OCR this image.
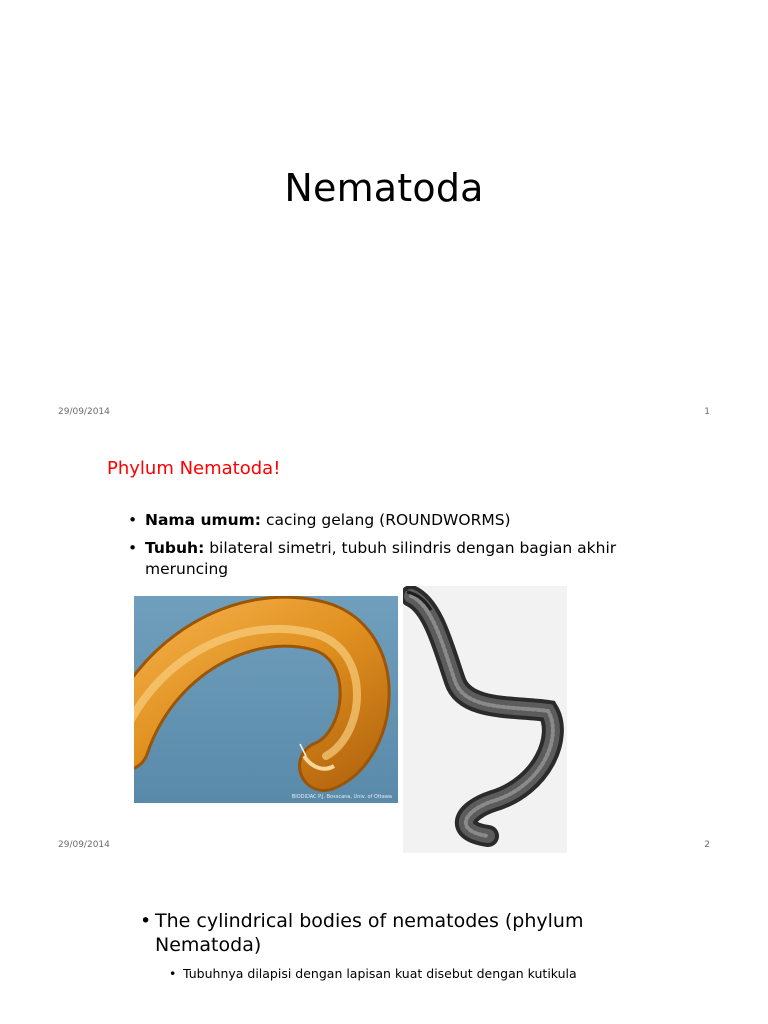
Nematoda
29/09/2014	1
Phylum Nematoda!
• Nama umum: cacing gelang (ROUNDWORMS)
• Tubuh: bilateral simetri, tubuh silindris dengan bagian akhir meruncing
BIODIDAC P.J. Bosscana, Univ. of Ottawa
29/09/2014	2
• The cylindrical bodies of nematodes (phylum Nematoda)
• Tubuhnya dilapisi dengan lapisan kuat disebut dengan kutikula
